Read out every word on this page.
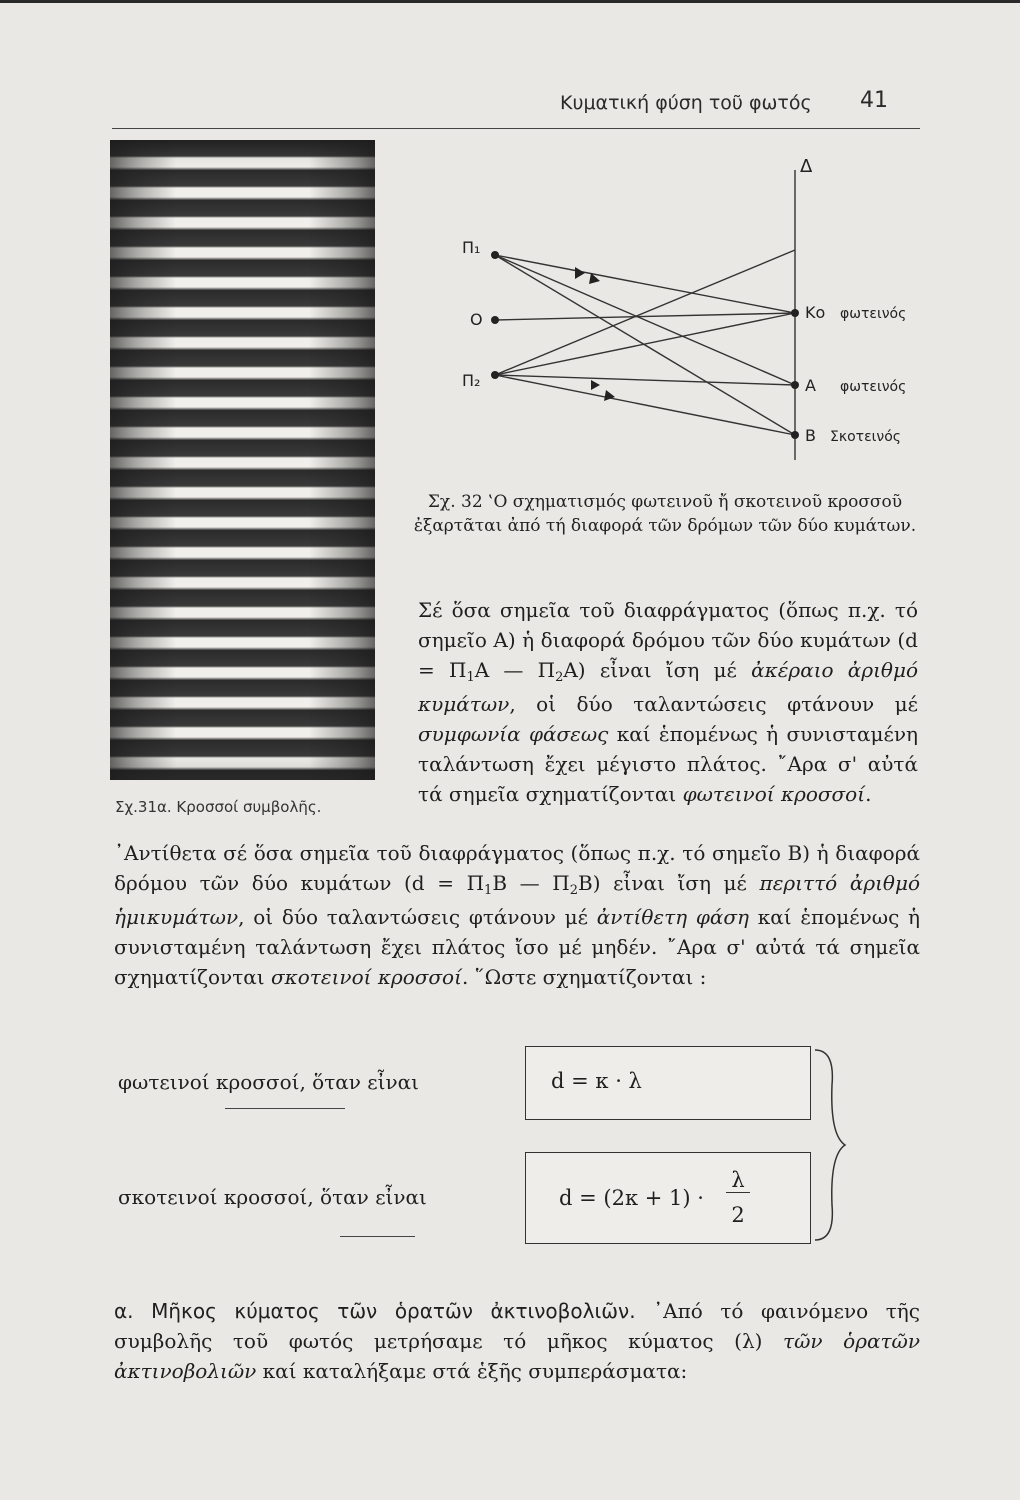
Κυματική φύση τοῦ φωτός 41
Σχ.31α. Κροσσοί συμβολῆς.
Δ
Π₁
O
Π₂
Kο φωτεινός
A φωτεινός
B Σκοτεινός
Σχ. 32 ‛Ο σχηματισμός φωτεινοῦ ἤ σκοτεινοῦ κροσσοῦ ἐξαρτᾶται ἀπό τή διαφορά τῶν δρόμων τῶν δύο κυμάτων.

Σέ ὅσα σημεῖα τοῦ διαφράγματος (ὅπως π.χ. τό σημεῖο A) ἡ διαφορά δρόμου τῶν δύο κυμάτων ($d = \Pi_1A$ — $\Pi_2A$) εἶναι ἴση μέ ἀκέραιο ἀριθμό κυμάτων, οἱ δύο ταλαντώσεις φτάνουν μέ συμφωνία φάσεως καί ἑπομένως ἡ συνισταμένη ταλάντωση ἔχει μέγιστο πλάτος. ῎Αρα σ' αὐτά τά σημεῖα σχηματίζονται φωτεινοί κροσσοί.

᾽Αντίθετα σέ ὅσα σημεῖα τοῦ διαφράγματος (ὅπως π.χ. τό σημεῖο B) ἡ διαφορά δρόμου τῶν δύο κυμάτων ($d = \Pi_1B$ — $\Pi_2B$) εἶναι ἴση μέ περιττό ἀριθμό ἡμικυμάτων, οἱ δύο ταλαντώσεις φτάνουν μέ ἀντίθετη φάση καί ἑπομένως ἡ συνισταμένη ταλάντωση ἔχει πλάτος ἴσο μέ μηδέν. ῎Αρα σ' αὐτά τά σημεῖα σχηματίζονται σκοτεινοί κροσσοί. ῞Ωστε σχηματίζονται :

φωτεινοί κροσσοί, ὅταν εἶναι	d = κ · λ
σκοτεινοί κροσσοί, ὅταν εἶναι	d = (2κ + 1) ·
λ
2

α. Μῆκος κύματος τῶν ὁρατῶν ἀκτινοβολιῶν. ᾽Από τό φαινόμενο τῆς συμβολῆς τοῦ φωτός μετρήσαμε τό μῆκος κύματος (λ) τῶν ὁρατῶν ἀκτινοβολιῶν καί καταλήξαμε στά ἑξῆς συμπεράσματα:
